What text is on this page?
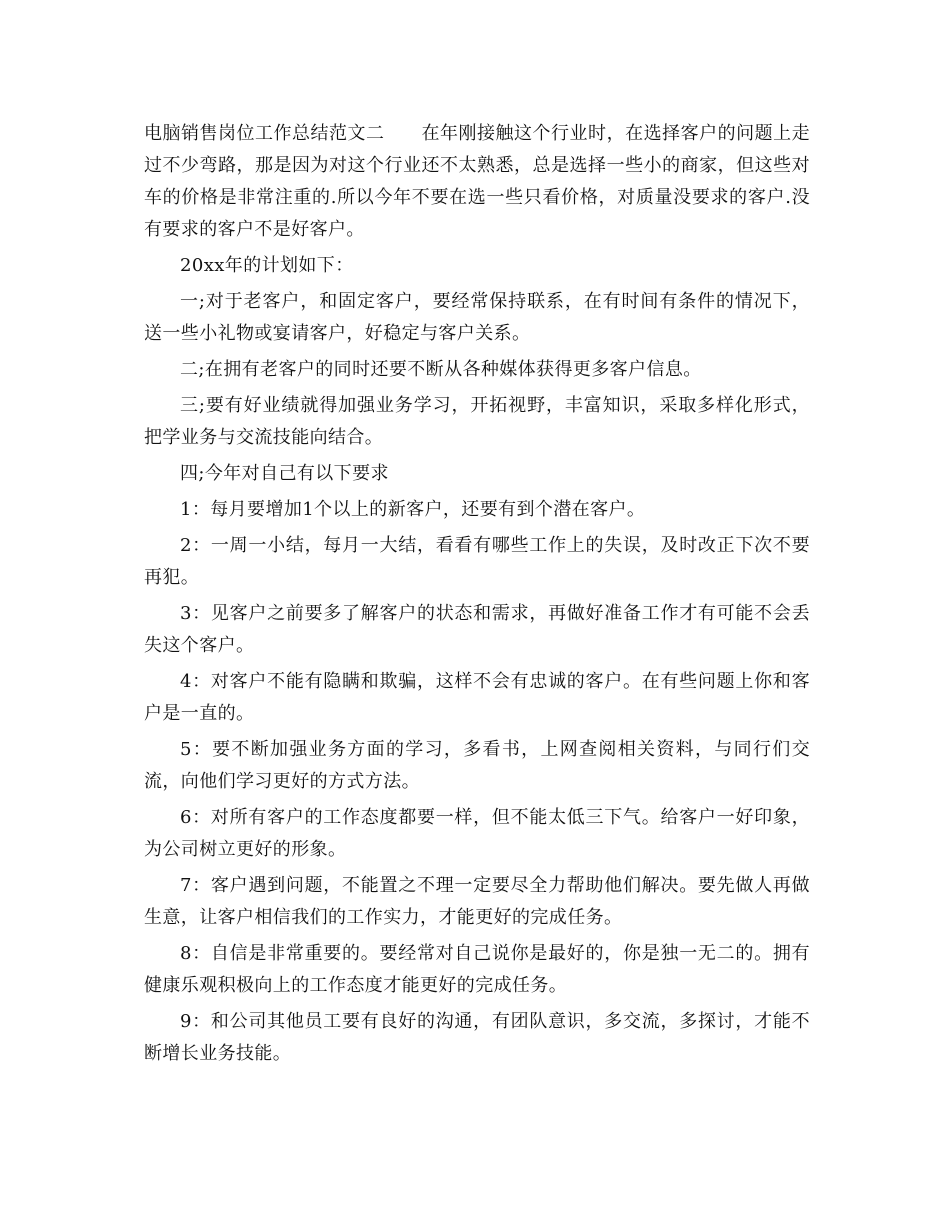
电脑销售岗位工作总结范文二　　在年刚接触这个行业时，在选择客户的问题上走过不少弯路，那是因为对这个行业还不太熟悉，总是选择一些小的商家，但这些对车的价格是非常注重的.所以今年不要在选一些只看价格，对质量没要求的客户.没有要求的客户不是好客户。

20xx年的计划如下：

一;对于老客户，和固定客户，要经常保持联系，在有时间有条件的情况下，送一些小礼物或宴请客户，好稳定与客户关系。

二;在拥有老客户的同时还要不断从各种媒体获得更多客户信息。

三;要有好业绩就得加强业务学习，开拓视野，丰富知识，采取多样化形式，把学业务与交流技能向结合。

四;今年对自己有以下要求

1：每月要增加1个以上的新客户，还要有到个潜在客户。

2：一周一小结，每月一大结，看看有哪些工作上的失误，及时改正下次不要再犯。

3：见客户之前要多了解客户的状态和需求，再做好准备工作才有可能不会丢失这个客户。

4：对客户不能有隐瞒和欺骗，这样不会有忠诚的客户。在有些问题上你和客户是一直的。

5：要不断加强业务方面的学习，多看书，上网查阅相关资料，与同行们交流，向他们学习更好的方式方法。

6：对所有客户的工作态度都要一样，但不能太低三下气。给客户一好印象，为公司树立更好的形象。

7：客户遇到问题，不能置之不理一定要尽全力帮助他们解决。要先做人再做生意，让客户相信我们的工作实力，才能更好的完成任务。

8：自信是非常重要的。要经常对自己说你是最好的，你是独一无二的。拥有健康乐观积极向上的工作态度才能更好的完成任务。

9：和公司其他员工要有良好的沟通，有团队意识，多交流，多探讨，才能不断增长业务技能。
